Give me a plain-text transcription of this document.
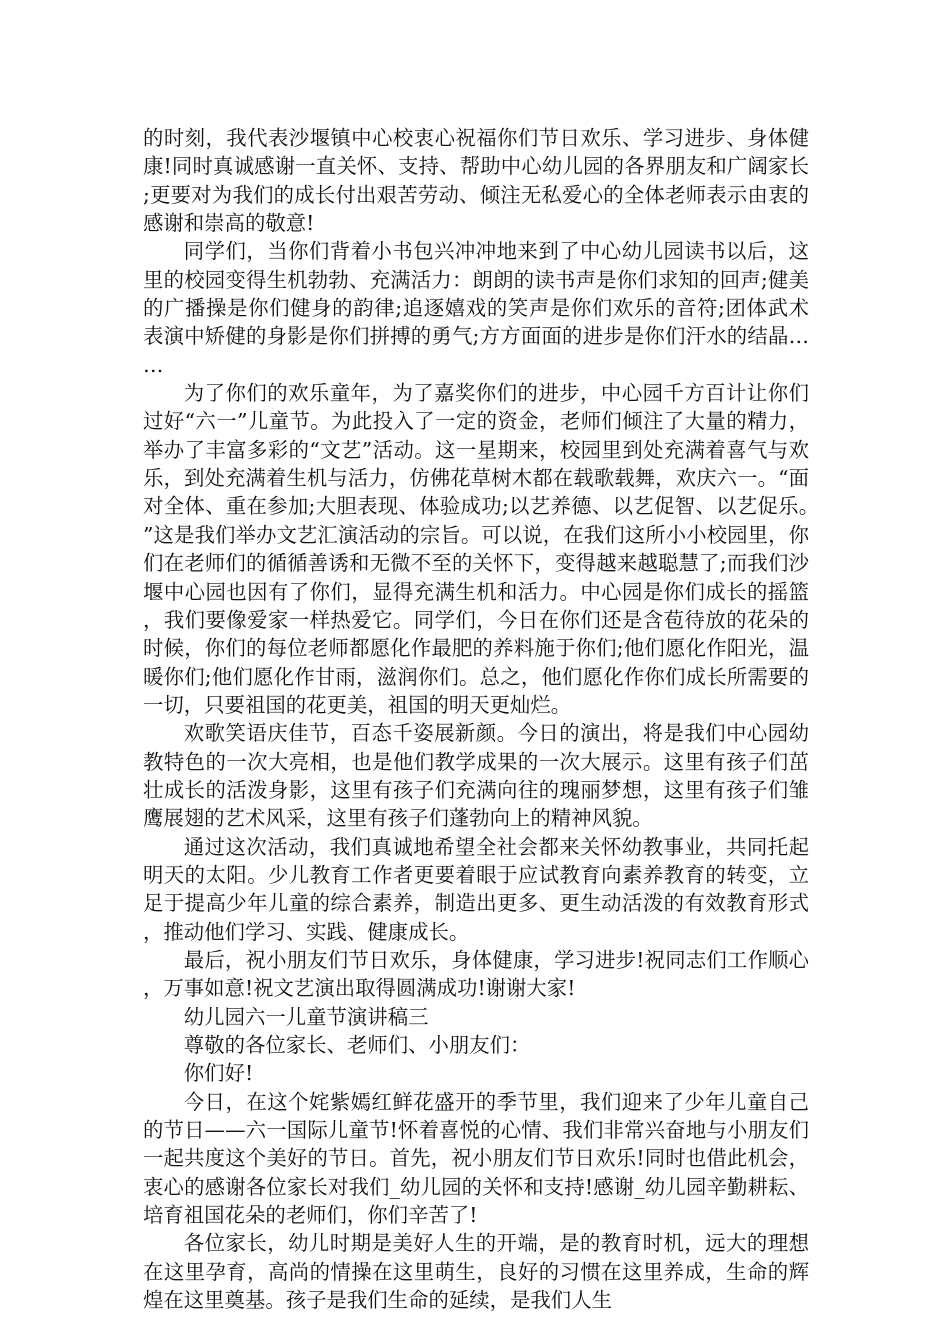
的时刻，我代表沙堰镇中心校衷心祝福你们节日欢乐、学习进步、身体健康!同时真诚感谢一直关怀、支持、帮助中心幼儿园的各界朋友和广阔家长;更要对为我们的成长付出艰苦劳动、倾注无私爱心的全体老师表示由衷的感谢和崇高的敬意!

同学们，当你们背着小书包兴冲冲地来到了中心幼儿园读书以后，这里的校园变得生机勃勃、充满活力：朗朗的读书声是你们求知的回声;健美的广播操是你们健身的韵律;追逐嬉戏的笑声是你们欢乐的音符;团体武术表演中矫健的身影是你们拼搏的勇气;方方面面的进步是你们汗水的结晶……

为了你们的欢乐童年，为了嘉奖你们的进步，中心园千方百计让你们过好“六一”儿童节。为此投入了一定的资金，老师们倾注了大量的精力，举办了丰富多彩的“文艺”活动。这一星期来，校园里到处充满着喜气与欢乐，到处充满着生机与活力，仿佛花草树木都在载歌载舞，欢庆六一。“面对全体、重在参加;大胆表现、体验成功;以艺养德、以艺促智、以艺促乐。”这是我们举办文艺汇演活动的宗旨。可以说，在我们这所小小校园里，你们在老师们的循循善诱和无微不至的关怀下，变得越来越聪慧了;而我们沙堰中心园也因有了你们，显得充满生机和活力。中心园是你们成长的摇篮，我们要像爱家一样热爱它。同学们，今日在你们还是含苞待放的花朵的时候，你们的每位老师都愿化作最肥的养料施于你们;他们愿化作阳光，温暖你们;他们愿化作甘雨，滋润你们。总之，他们愿化作你们成长所需要的一切，只要祖国的花更美，祖国的明天更灿烂。

欢歌笑语庆佳节，百态千姿展新颜。今日的演出，将是我们中心园幼教特色的一次大亮相，也是他们教学成果的一次大展示。这里有孩子们茁壮成长的活泼身影，这里有孩子们充满向往的瑰丽梦想，这里有孩子们雏鹰展翅的艺术风采，这里有孩子们蓬勃向上的精神风貌。

通过这次活动，我们真诚地希望全社会都来关怀幼教事业，共同托起明天的太阳。少儿教育工作者更要着眼于应试教育向素养教育的转变，立足于提高少年儿童的综合素养，制造出更多、更生动活泼的有效教育形式，推动他们学习、实践、健康成长。

最后，祝小朋友们节日欢乐，身体健康，学习进步!祝同志们工作顺心，万事如意!祝文艺演出取得圆满成功!谢谢大家!

幼儿园六一儿童节演讲稿三

尊敬的各位家长、老师们、小朋友们：

你们好!

今日，在这个姹紫嫣红鲜花盛开的季节里，我们迎来了少年儿童自己的节日——六一国际儿童节!怀着喜悦的心情、我们非常兴奋地与小朋友们一起共度这个美好的节日。首先，祝小朋友们节日欢乐!同时也借此机会，衷心的感谢各位家长对我们_幼儿园的关怀和支持!感谢_幼儿园辛勤耕耘、培育祖国花朵的老师们，你们辛苦了!

各位家长，幼儿时期是美好人生的开端，是的教育时机，远大的理想在这里孕育，高尚的情操在这里萌生，良好的习惯在这里养成，生命的辉煌在这里奠基。孩子是我们生命的延续，是我们人生
